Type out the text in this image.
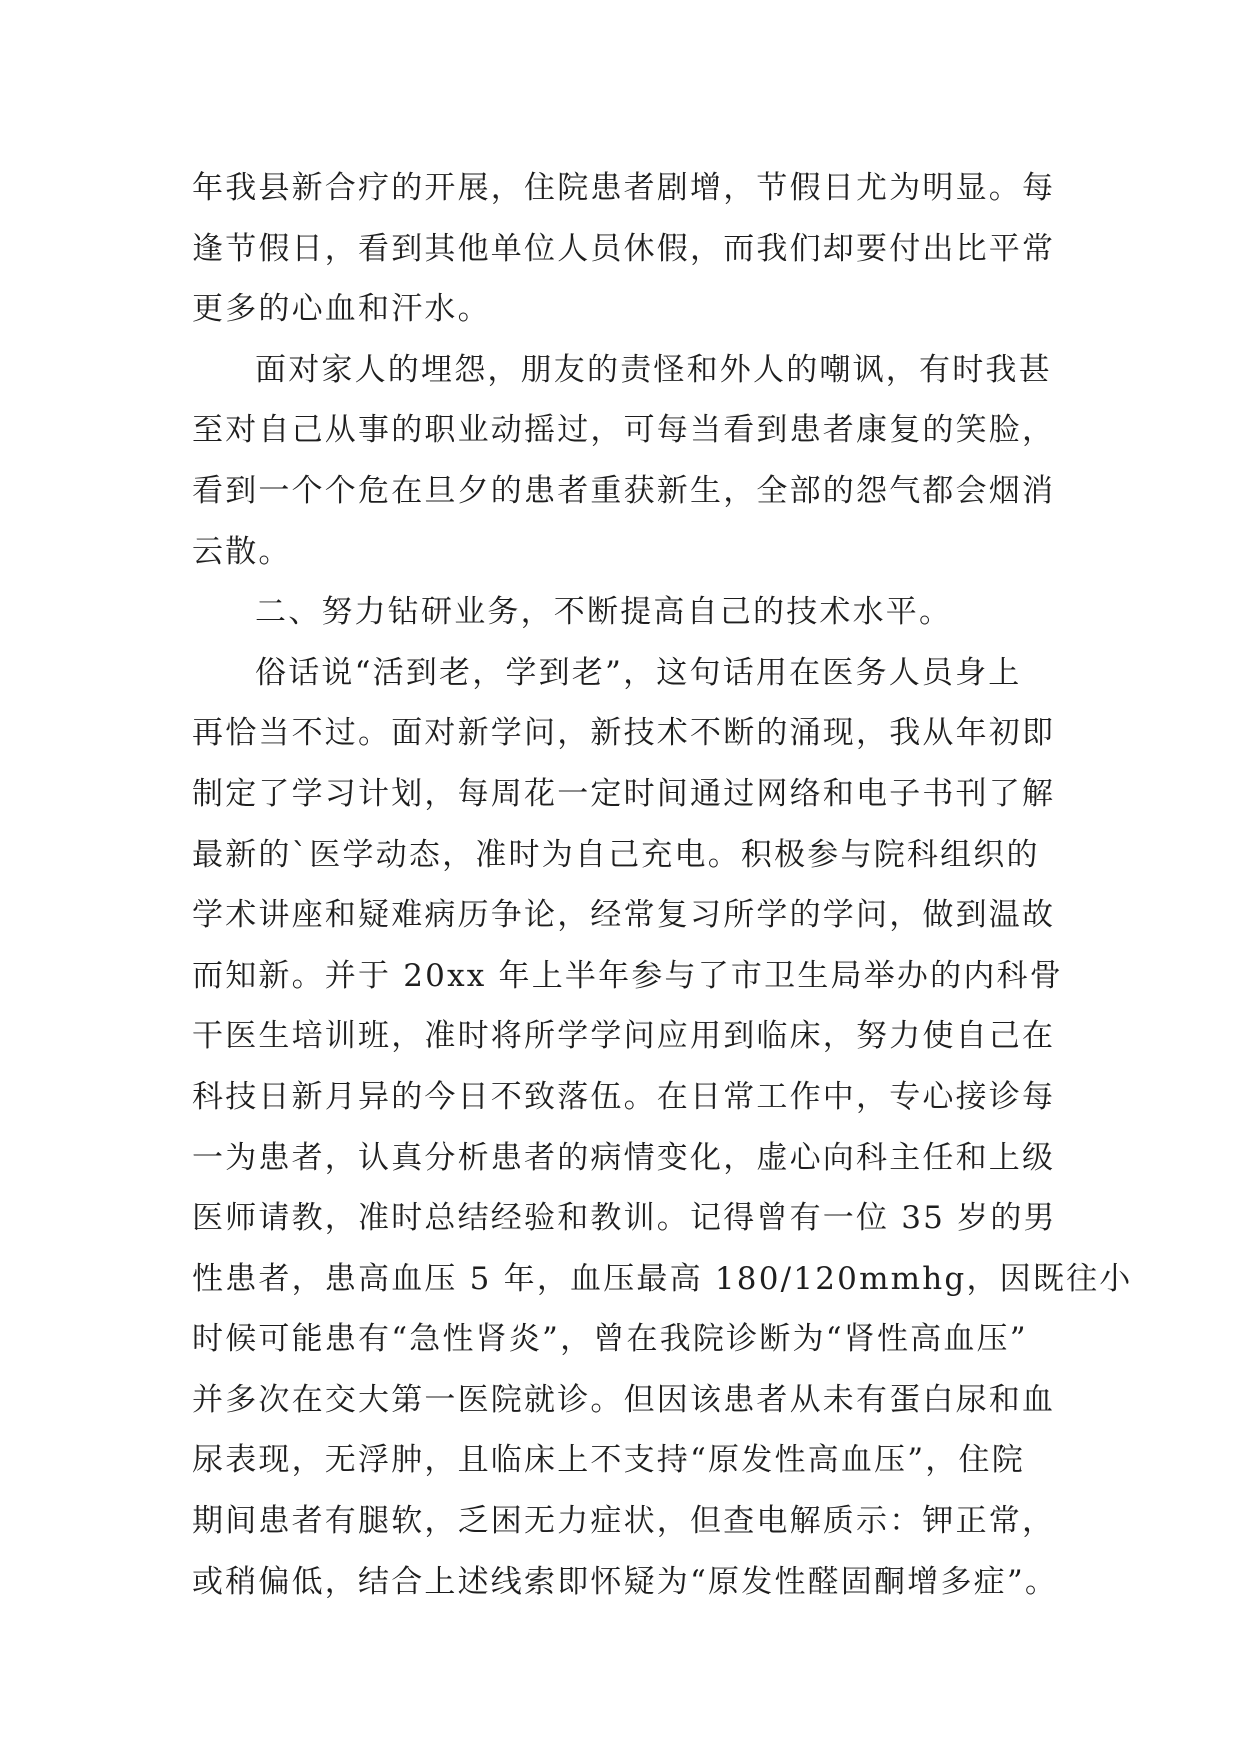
年我县新合疗的开展，住院患者剧增，节假日尤为明显。每
逢节假日，看到其他单位人员休假，而我们却要付出比平常
更多的心血和汗水。
面对家人的埋怨，朋友的责怪和外人的嘲讽，有时我甚
至对自己从事的职业动摇过，可每当看到患者康复的笑脸，
看到一个个危在旦夕的患者重获新生，全部的怨气都会烟消
云散。
二、努力钻研业务，不断提高自己的技术水平。
俗话说“活到老，学到老”，这句话用在医务人员身上
再恰当不过。面对新学问，新技术不断的涌现，我从年初即
制定了学习计划，每周花一定时间通过网络和电子书刊了解
最新的`医学动态，准时为自己充电。积极参与院科组织的
学术讲座和疑难病历争论，经常复习所学的学问，做到温故
而知新。并于 20xx 年上半年参与了市卫生局举办的内科骨
干医生培训班，准时将所学学问应用到临床，努力使自己在
科技日新月异的今日不致落伍。在日常工作中，专心接诊每
一为患者，认真分析患者的病情变化，虚心向科主任和上级
医师请教，准时总结经验和教训。记得曾有一位 35 岁的男
性患者，患高血压 5 年，血压最高 180/120mmhg，因既往小
时候可能患有“急性肾炎”，曾在我院诊断为“肾性高血压”
并多次在交大第一医院就诊。但因该患者从未有蛋白尿和血
尿表现，无浮肿，且临床上不支持“原发性高血压”，住院
期间患者有腿软，乏困无力症状，但查电解质示：钾正常，
或稍偏低，结合上述线索即怀疑为“原发性醛固酮增多症”。
